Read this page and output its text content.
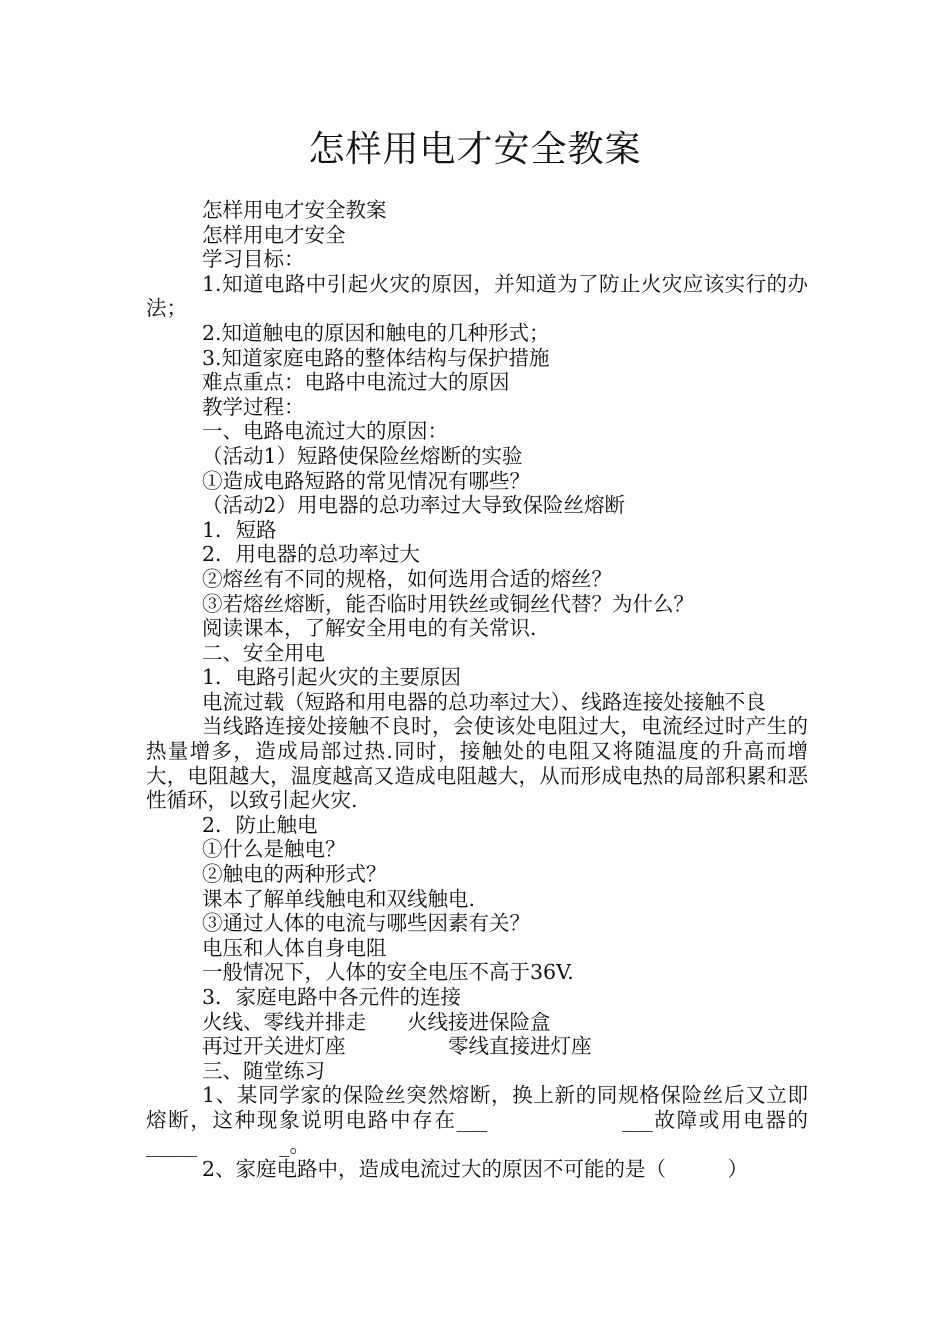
怎样用电才安全教案

怎样用电才安全教案

怎样用电才安全

学习目标：

1.知道电路中引起火灾的原因，并知道为了防止火灾应该实行的办法；

2.知道触电的原因和触电的几种形式；

3.知道家庭电路的整体结构与保护措施

难点重点：电路中电流过大的原因

教学过程：

一、电路电流过大的原因：

（活动1）短路使保险丝熔断的实验

①造成电路短路的常见情况有哪些？

（活动2）用电器的总功率过大导致保险丝熔断

1．短路

2．用电器的总功率过大

②熔丝有不同的规格，如何选用合适的熔丝？

③若熔丝熔断，能否临时用铁丝或铜丝代替？为什么？

阅读课本，了解安全用电的有关常识.

二、安全用电

1．电路引起火灾的主要原因

电流过载（短路和用电器的总功率过大）、线路连接处接触不良

当线路连接处接触不良时，会使该处电阻过大，电流经过时产生的热量增多，造成局部过热.同时，接触处的电阻又将随温度的升高而增大，电阻越大，温度越高又造成电阻越大，从而形成电热的局部积累和恶性循环，以致引起火灾.

2．防止触电

①什么是触电？

②触电的两种形式？

课本了解单线触电和双线触电.

③通过人体的电流与哪些因素有关？

电压和人体自身电阻

一般情况下，人体的安全电压不高于36V.

3．家庭电路中各元件的连接

火线、零线并排走　　火线接进保险盒

再过开关进灯座　　　　　零线直接进灯座

三、随堂练习

1、某同学家的保险丝突然熔断，换上新的同规格保险丝后又立即熔断，这种现象说明电路中存在___　　　　　　___故障或用电器的_____　　　　_。

2、家庭电路中，造成电流过大的原因不可能的是（　　　）
